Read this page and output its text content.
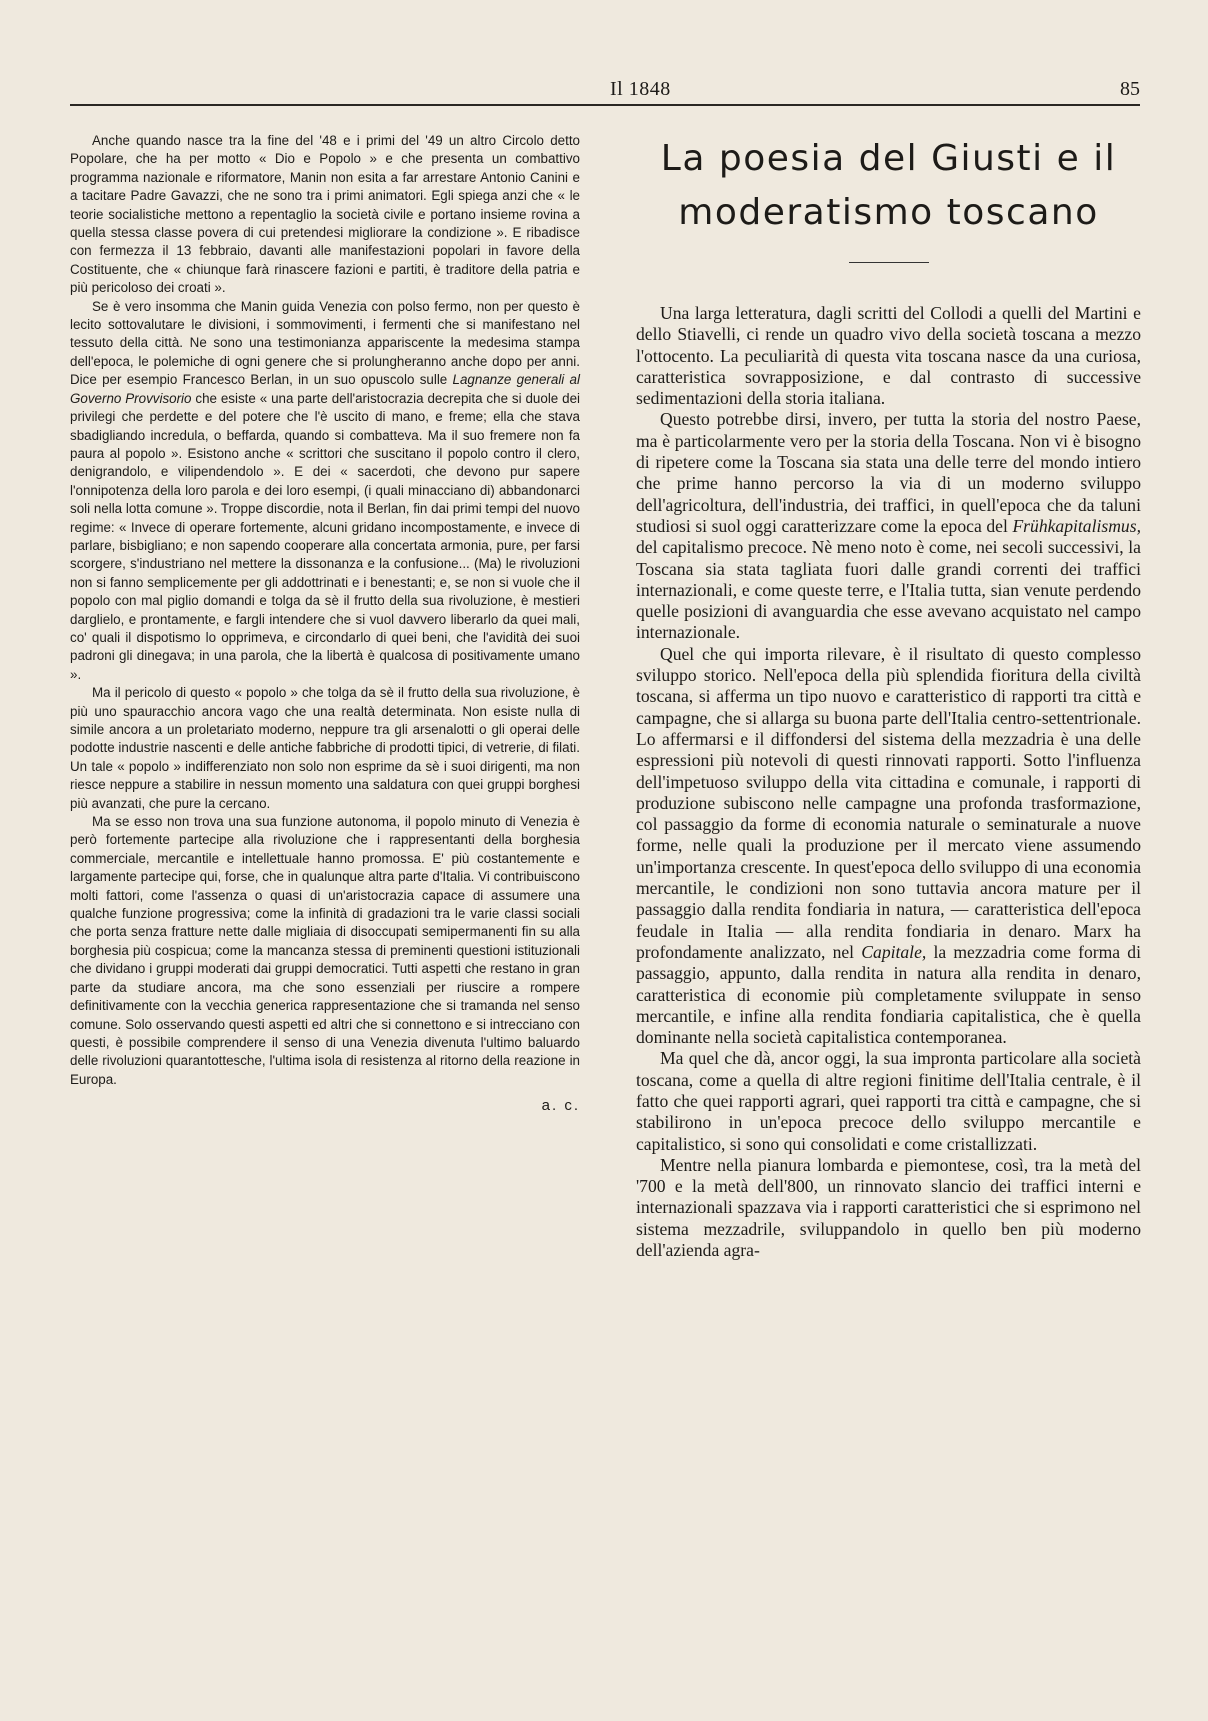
Il 1848	85

Anche quando nasce tra la fine del '48 e i primi del '49 un altro Circolo detto Popolare, che ha per motto « Dio e Popolo » e che presenta un combattivo programma nazionale e riformatore, Manin non esita a far arrestare Antonio Canini e a tacitare Padre Gavazzi, che ne sono tra i primi animatori. Egli spiega anzi che « le teorie socialistiche mettono a repentaglio la società civile e portano insieme rovina a quella stessa classe povera di cui pretendesi migliorare la condizione ». E ribadisce con fermezza il 13 febbraio, davanti alle manifestazioni popolari in favore della Costituente, che « chiunque farà rinascere fazioni e partiti, è traditore della patria e più pericoloso dei croati ».

Se è vero insomma che Manin guida Venezia con polso fermo, non per questo è lecito sottovalutare le divisioni, i sommovimenti, i fermenti che si manifestano nel tessuto della città. Ne sono una testimonianza appariscente la medesima stampa dell'epoca, le polemiche di ogni genere che si prolungheranno anche dopo per anni. Dice per esempio Francesco Berlan, in un suo opuscolo sulle Lagnanze generali al Governo Provvisorio che esiste « una parte dell'aristocrazia decrepita che si duole dei privilegi che perdette e del potere che l'è uscito di mano, e freme; ella che stava sbadigliando incredula, o beffarda, quando si combatteva. Ma il suo fremere non fa paura al popolo ». Esistono anche « scrittori che suscitano il popolo contro il clero, denigrandolo, e vilipendendolo ». E dei « sacerdoti, che devono pur sapere l'onnipotenza della loro parola e dei loro esempi, (i quali minacciano di) abbandonarci soli nella lotta comune ». Troppe discordie, nota il Berlan, fin dai primi tempi del nuovo regime: « Invece di operare fortemente, alcuni gridano incompostamente, e invece di parlare, bisbigliano; e non sapendo cooperare alla concertata armonia, pure, per farsi scorgere, s'industriano nel mettere la dissonanza e la confusione... (Ma) le rivoluzioni non si fanno semplicemente per gli addottrinati e i benestanti; e, se non si vuole che il popolo con mal piglio domandi e tolga da sè il frutto della sua rivoluzione, è mestieri darglielo, e prontamente, e fargli intendere che si vuol davvero liberarlo da quei mali, co' quali il dispotismo lo opprimeva, e circondarlo di quei beni, che l'avidità dei suoi padroni gli dinegava; in una parola, che la libertà è qualcosa di positivamente umano ».

Ma il pericolo di questo « popolo » che tolga da sè il frutto della sua rivoluzione, è più uno spauracchio ancora vago che una realtà determinata. Non esiste nulla di simile ancora a un proletariato moderno, neppure tra gli arsenalotti o gli operai delle podotte industrie nascenti e delle antiche fabbriche di prodotti tipici, di vetrerie, di filati. Un tale « popolo » indifferenziato non solo non esprime da sè i suoi dirigenti, ma non riesce neppure a stabilire in nessun momento una saldatura con quei gruppi borghesi più avanzati, che pure la cercano.

Ma se esso non trova una sua funzione autonoma, il popolo minuto di Venezia è però fortemente partecipe alla rivoluzione che i rappresentanti della borghesia commerciale, mercantile e intellettuale hanno promossa. E' più costantemente e largamente partecipe qui, forse, che in qualunque altra parte d'Italia. Vi contribuiscono molti fattori, come l'assenza o quasi di un'aristocrazia capace di assumere una qualche funzione progressiva; come la infinità di gradazioni tra le varie classi sociali che porta senza fratture nette dalle migliaia di disoccupati semipermanenti fin su alla borghesia più cospicua; come la mancanza stessa di preminenti questioni istituzionali che dividano i gruppi moderati dai gruppi democratici. Tutti aspetti che restano in gran parte da studiare ancora, ma che sono essenziali per riuscire a rompere definitivamente con la vecchia generica rappresentazione che si tramanda nel senso comune. Solo osservando questi aspetti ed altri che si connettono e si intrecciano con questi, è possibile comprendere il senso di una Venezia divenuta l'ultimo baluardo delle rivoluzioni quarantottesche, l'ultima isola di resistenza al ritorno della reazione in Europa.

a. c.
La poesia del Giusti e il moderatismo toscano

Una larga letteratura, dagli scritti del Collodi a quelli del Martini e dello Stiavelli, ci rende un quadro vivo della società toscana a mezzo l'ottocento. La peculiarità di questa vita toscana nasce da una curiosa, caratteristica sovrapposizione, e dal contrasto di successive sedimentazioni della storia italiana.

Questo potrebbe dirsi, invero, per tutta la storia del nostro Paese, ma è particolarmente vero per la storia della Toscana. Non vi è bisogno di ripetere come la Toscana sia stata una delle terre del mondo intiero che prime hanno percorso la via di un moderno sviluppo dell'agricoltura, dell'industria, dei traffici, in quell'epoca che da taluni studiosi si suol oggi caratterizzare come la epoca del Frühkapitalismus, del capitalismo precoce. Nè meno noto è come, nei secoli successivi, la Toscana sia stata tagliata fuori dalle grandi correnti dei traffici internazionali, e come queste terre, e l'Italia tutta, sian venute perdendo quelle posizioni di avanguardia che esse avevano acquistato nel campo internazionale.

Quel che qui importa rilevare, è il risultato di questo complesso sviluppo storico. Nell'epoca della più splendida fioritura della civiltà toscana, si afferma un tipo nuovo e caratteristico di rapporti tra città e campagne, che si allarga su buona parte dell'Italia centro-settentrionale. Lo affermarsi e il diffondersi del sistema della mezzadria è una delle espressioni più notevoli di questi rinnovati rapporti. Sotto l'influenza dell'impetuoso sviluppo della vita cittadina e comunale, i rapporti di produzione subiscono nelle campagne una profonda trasformazione, col passaggio da forme di economia naturale o seminaturale a nuove forme, nelle quali la produzione per il mercato viene assumendo un'importanza crescente. In quest'epoca dello sviluppo di una economia mercantile, le condizioni non sono tuttavia ancora mature per il passaggio dalla rendita fondiaria in natura, — caratteristica dell'epoca feudale in Italia — alla rendita fondiaria in denaro. Marx ha profondamente analizzato, nel Capitale, la mezzadria come forma di passaggio, appunto, dalla rendita in natura alla rendita in denaro, caratteristica di economie più completamente sviluppate in senso mercantile, e infine alla rendita fondiaria capitalistica, che è quella dominante nella società capitalistica contemporanea.

Ma quel che dà, ancor oggi, la sua impronta particolare alla società toscana, come a quella di altre regioni finitime dell'Italia centrale, è il fatto che quei rapporti agrari, quei rapporti tra città e campagne, che si stabilirono in un'epoca precoce dello sviluppo mercantile e capitalistico, si sono qui consolidati e come cristallizzati.

Mentre nella pianura lombarda e piemontese, così, tra la metà del '700 e la metà dell'800, un rinnovato slancio dei traffici interni e internazionali spazzava via i rapporti caratteristici che si esprimono nel sistema mezzadrile, sviluppandolo in quello ben più moderno dell'azienda agra-
